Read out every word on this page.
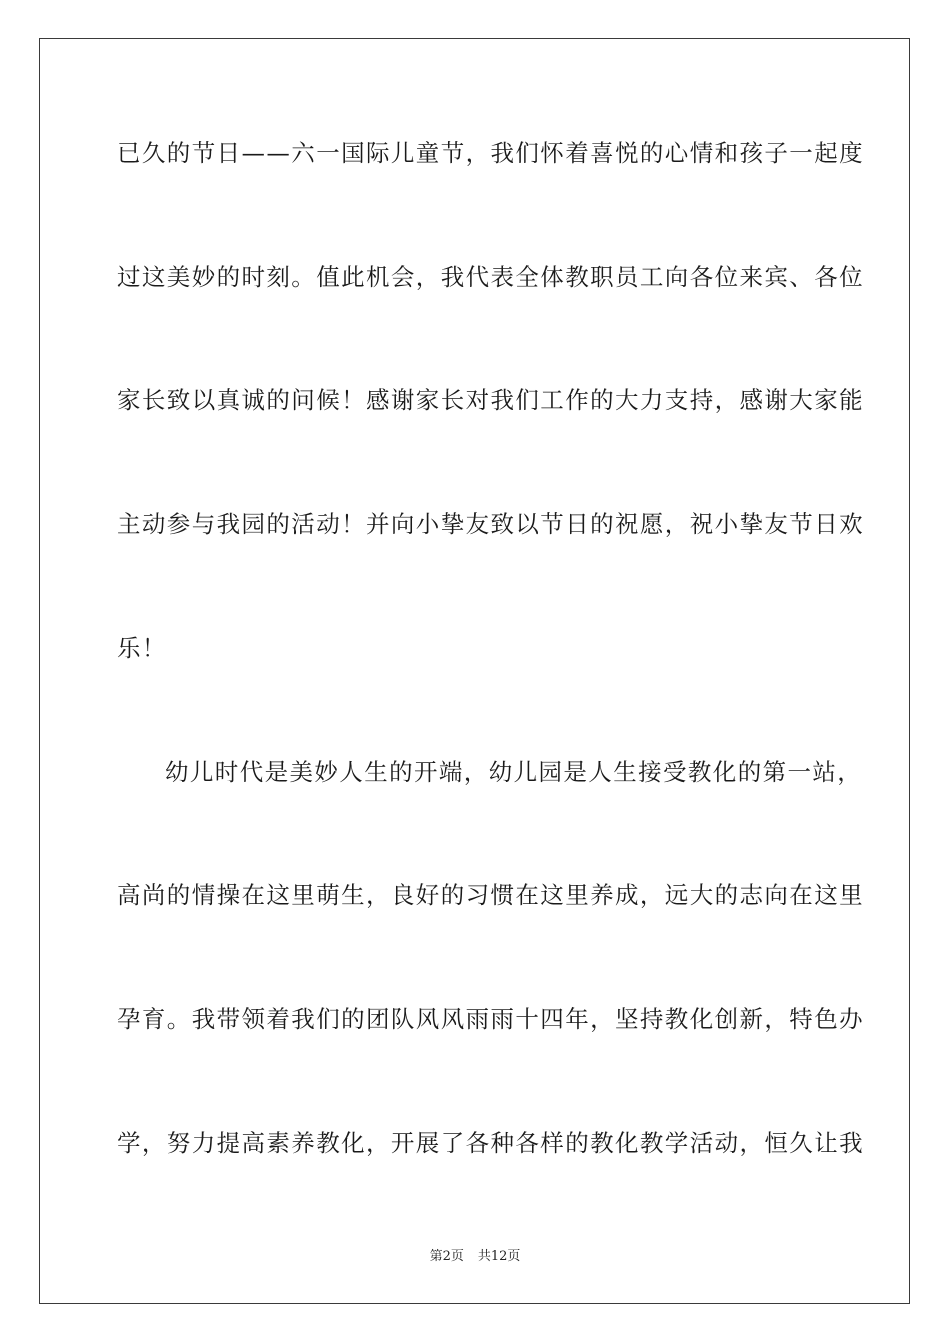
已久的节日——六一国际儿童节，我们怀着喜悦的心情和孩子一起度
过这美妙的时刻。值此机会，我代表全体教职员工向各位来宾、各位
家长致以真诚的问候！感谢家长对我们工作的大力支持，感谢大家能
主动参与我园的活动！并向小挚友致以节日的祝愿，祝小挚友节日欢
乐！
幼儿时代是美妙人生的开端，幼儿园是人生接受教化的第一站，
高尚的情操在这里萌生，良好的习惯在这里养成，远大的志向在这里
孕育。我带领着我们的团队风风雨雨十四年，坚持教化创新，特色办
学，努力提高素养教化，开展了各种各样的教化教学活动，恒久让我
第2页 共12页
